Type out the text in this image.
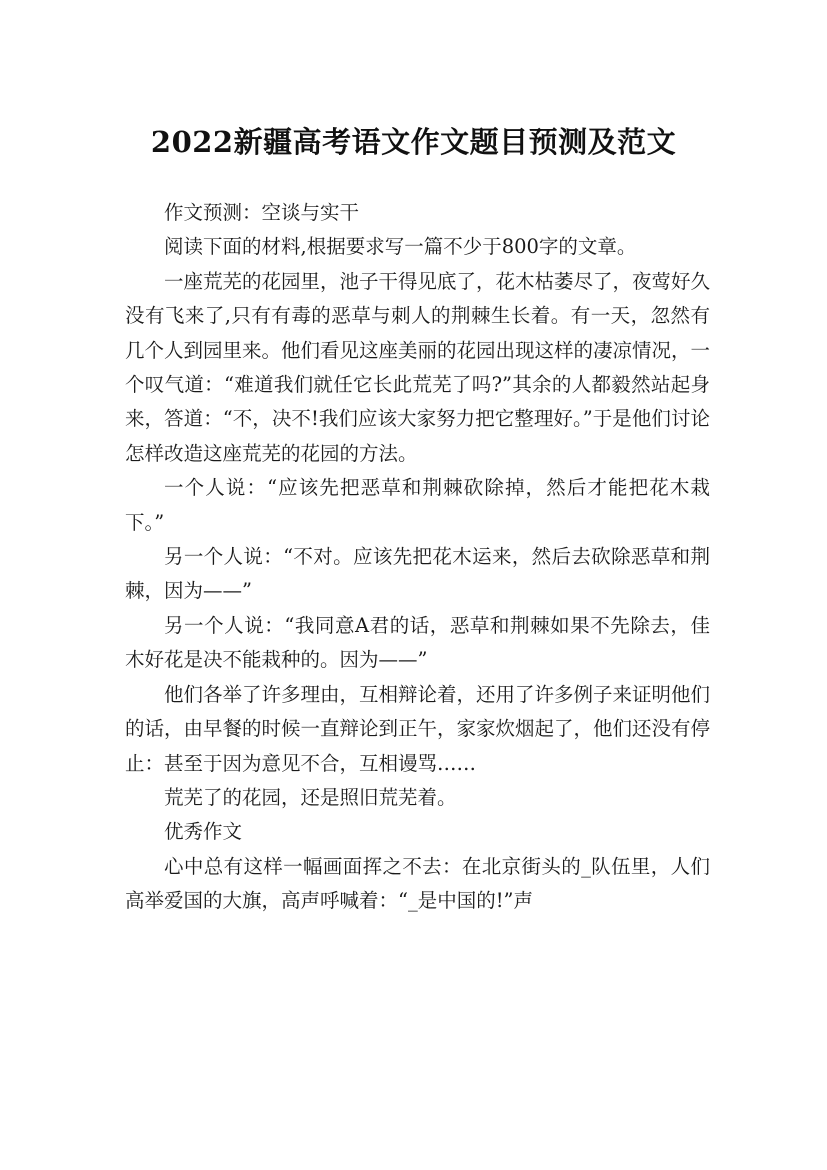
2022新疆高考语文作文题目预测及范文

作文预测：空谈与实干

阅读下面的材料,根据要求写一篇不少于800字的文章。

一座荒芜的花园里，池子干得见底了，花木枯萎尽了，夜莺好久没有飞来了,只有有毒的恶草与刺人的荆棘生长着。有一天，忽然有几个人到园里来。他们看见这座美丽的花园出现这样的凄凉情况，一个叹气道：“难道我们就任它长此荒芜了吗?”其余的人都毅然站起身来，答道：“不，决不!我们应该大家努力把它整理好。”于是他们讨论怎样改造这座荒芜的花园的方法。

一个人说：“应该先把恶草和荆棘砍除掉，然后才能把花木栽下。”

另一个人说：“不对。应该先把花木运来，然后去砍除恶草和荆棘，因为——”

另一个人说：“我同意A君的话，恶草和荆棘如果不先除去，佳木好花是决不能栽种的。因为——”

他们各举了许多理由，互相辩论着，还用了许多例子来证明他们的话，由早餐的时候一直辩论到正午，家家炊烟起了，他们还没有停止：甚至于因为意见不合，互相谩骂……

荒芜了的花园，还是照旧荒芜着。

优秀作文

心中总有这样一幅画面挥之不去：在北京街头的_队伍里，人们高举爱国的大旗，高声呼喊着：“_是中国的!”声
